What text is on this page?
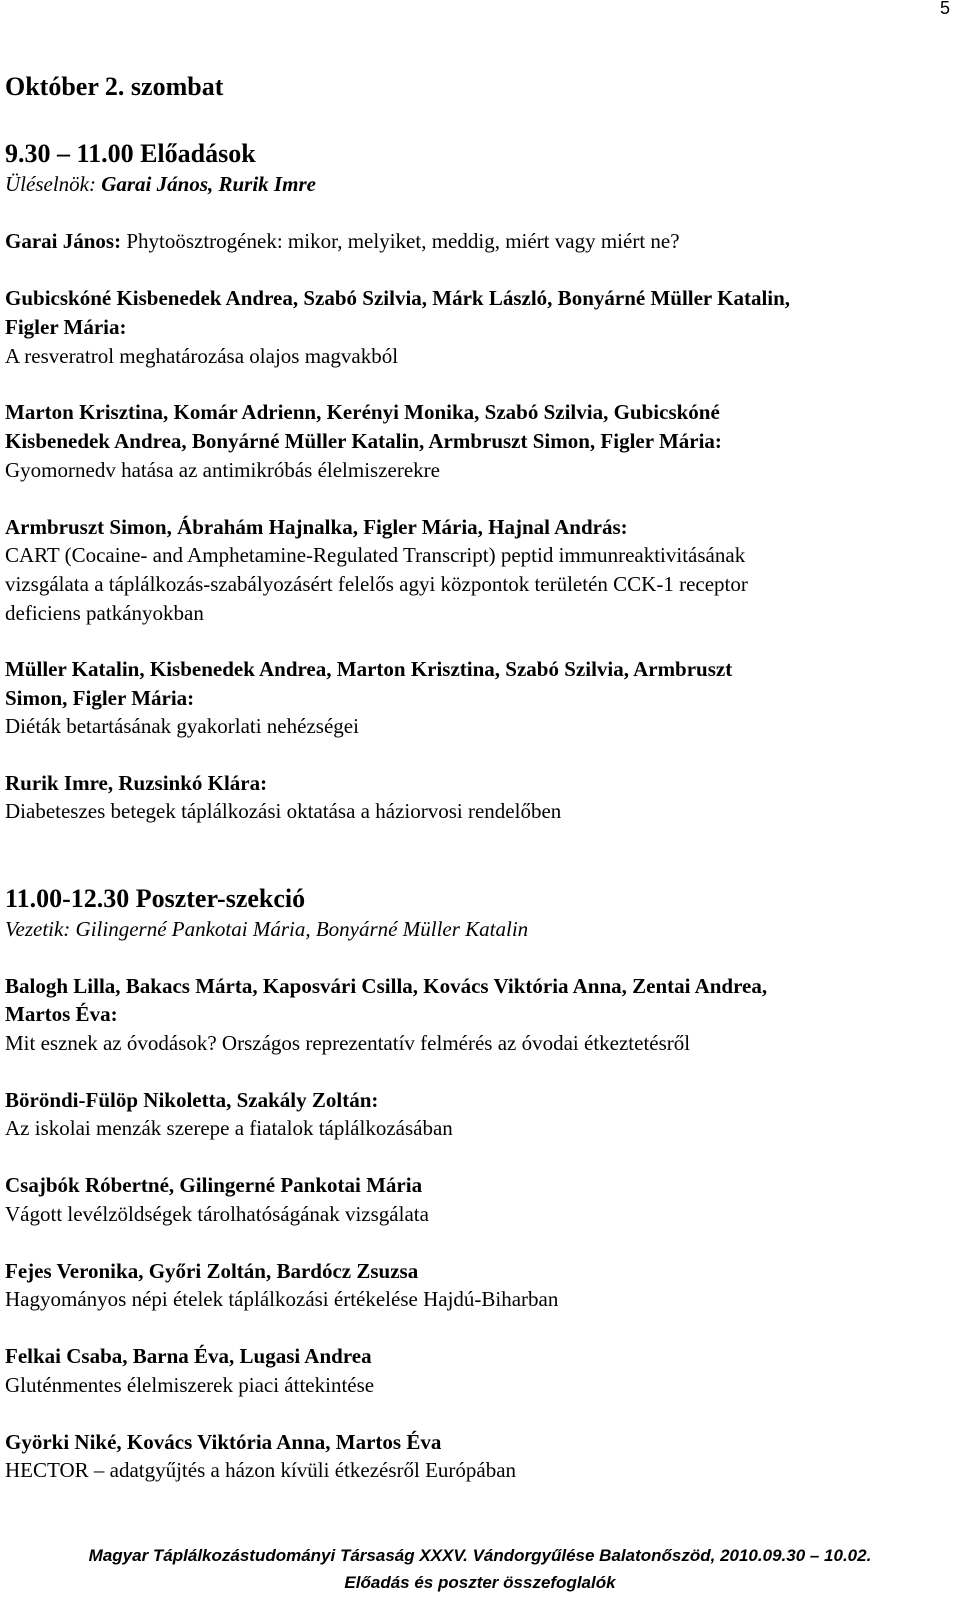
5
Október 2. szombat
9.30 – 11.00 Előadások
Üléselnök: Garai János, Rurik Imre
Garai János: Phytoösztrogének: mikor, melyiket, meddig, miért vagy miért ne?
Gubicskóné Kisbenedek Andrea, Szabó Szilvia, Márk László, Bonyárné Müller Katalin,
Figler Mária:
A resveratrol meghatározása olajos magvakból
Marton Krisztina, Komár Adrienn, Kerényi Monika, Szabó Szilvia, Gubicskóné
Kisbenedek Andrea, Bonyárné Müller Katalin, Armbruszt Simon, Figler Mária:
Gyomornedv hatása az antimikróbás élelmiszerekre
Armbruszt Simon, Ábrahám Hajnalka, Figler Mária, Hajnal András:
CART (Cocaine- and Amphetamine-Regulated Transcript) peptid immunreaktivitásának
vizsgálata a táplálkozás-szabályozásért felelős agyi központok területén CCK-1 receptor
deficiens patkányokban
Müller Katalin, Kisbenedek Andrea, Marton Krisztina, Szabó Szilvia, Armbruszt
Simon, Figler Mária:
Diéták betartásának gyakorlati nehézségei
Rurik Imre, Ruzsinkó Klára:
Diabeteszes betegek táplálkozási oktatása a háziorvosi rendelőben
11.00-12.30 Poszter-szekció
Vezetik: Gilingerné Pankotai Mária, Bonyárné Müller Katalin
Balogh Lilla, Bakacs Márta, Kaposvári Csilla, Kovács Viktória Anna, Zentai Andrea,
Martos Éva:
Mit esznek az óvodások? Országos reprezentatív felmérés az óvodai étkeztetésről
Böröndi-Fülöp Nikoletta, Szakály Zoltán:
Az iskolai menzák szerepe a fiatalok táplálkozásában
Csajbók Róbertné, Gilingerné Pankotai Mária
Vágott levélzöldségek tárolhatóságának vizsgálata
Fejes Veronika, Győri Zoltán, Bardócz Zsuzsa
Hagyományos népi ételek táplálkozási értékelése Hajdú-Biharban
Felkai Csaba, Barna Éva, Lugasi Andrea
Gluténmentes élelmiszerek piaci áttekintése
Györki Niké, Kovács Viktória Anna, Martos Éva
HECTOR – adatgyűjtés a házon kívüli étkezésről Európában
Magyar Táplálkozástudományi Társaság XXXV. Vándorgyűlése Balatonőszöd, 2010.09.30 – 10.02.
Előadás és poszter összefoglalók
